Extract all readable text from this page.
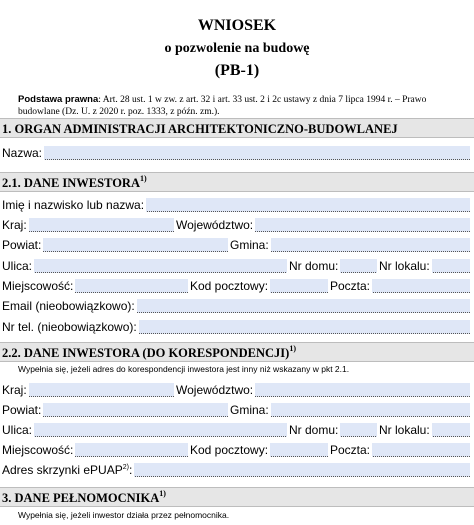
WNIOSEK
o pozwolenie na budowę
(PB-1)
Podstawa prawna: Art. 28 ust. 1 w zw. z art. 32 i art. 33 ust. 2 i 2c ustawy z dnia 7 lipca 1994 r. – Prawo budowlane (Dz. U. z 2020 r. poz. 1333, z późn. zm.).
1. ORGAN ADMINISTRACJI ARCHITEKTONICZNO-BUDOWLANEJ
Nazwa:
2.1. DANE INWESTORA$^{1)}$
Imię i nazwisko lub nazwa:
Kraj:	Województwo:
Powiat:	Gmina:
Ulica:	Nr domu:	Nr lokalu:
Miejscowość:	Kod pocztowy:	Poczta:
Email (nieobowiązkowo):
Nr tel. (nieobowiązkowo):
2.2. DANE INWESTORA (DO KORESPONDENCJI)$^{1)}$
Wypełnia się, jeżeli adres do korespondencji inwestora jest inny niż wskazany w pkt 2.1.
Kraj:	Województwo:
Powiat:	Gmina:
Ulica:	Nr domu:	Nr lokalu:
Miejscowość:	Kod pocztowy:	Poczta:
Adres skrzynki ePUAP$^{2)}$:
3. DANE PEŁNOMOCNIKA$^{1)}$
Wypełnia się, jeżeli inwestor działa przez pełnomocnika.
